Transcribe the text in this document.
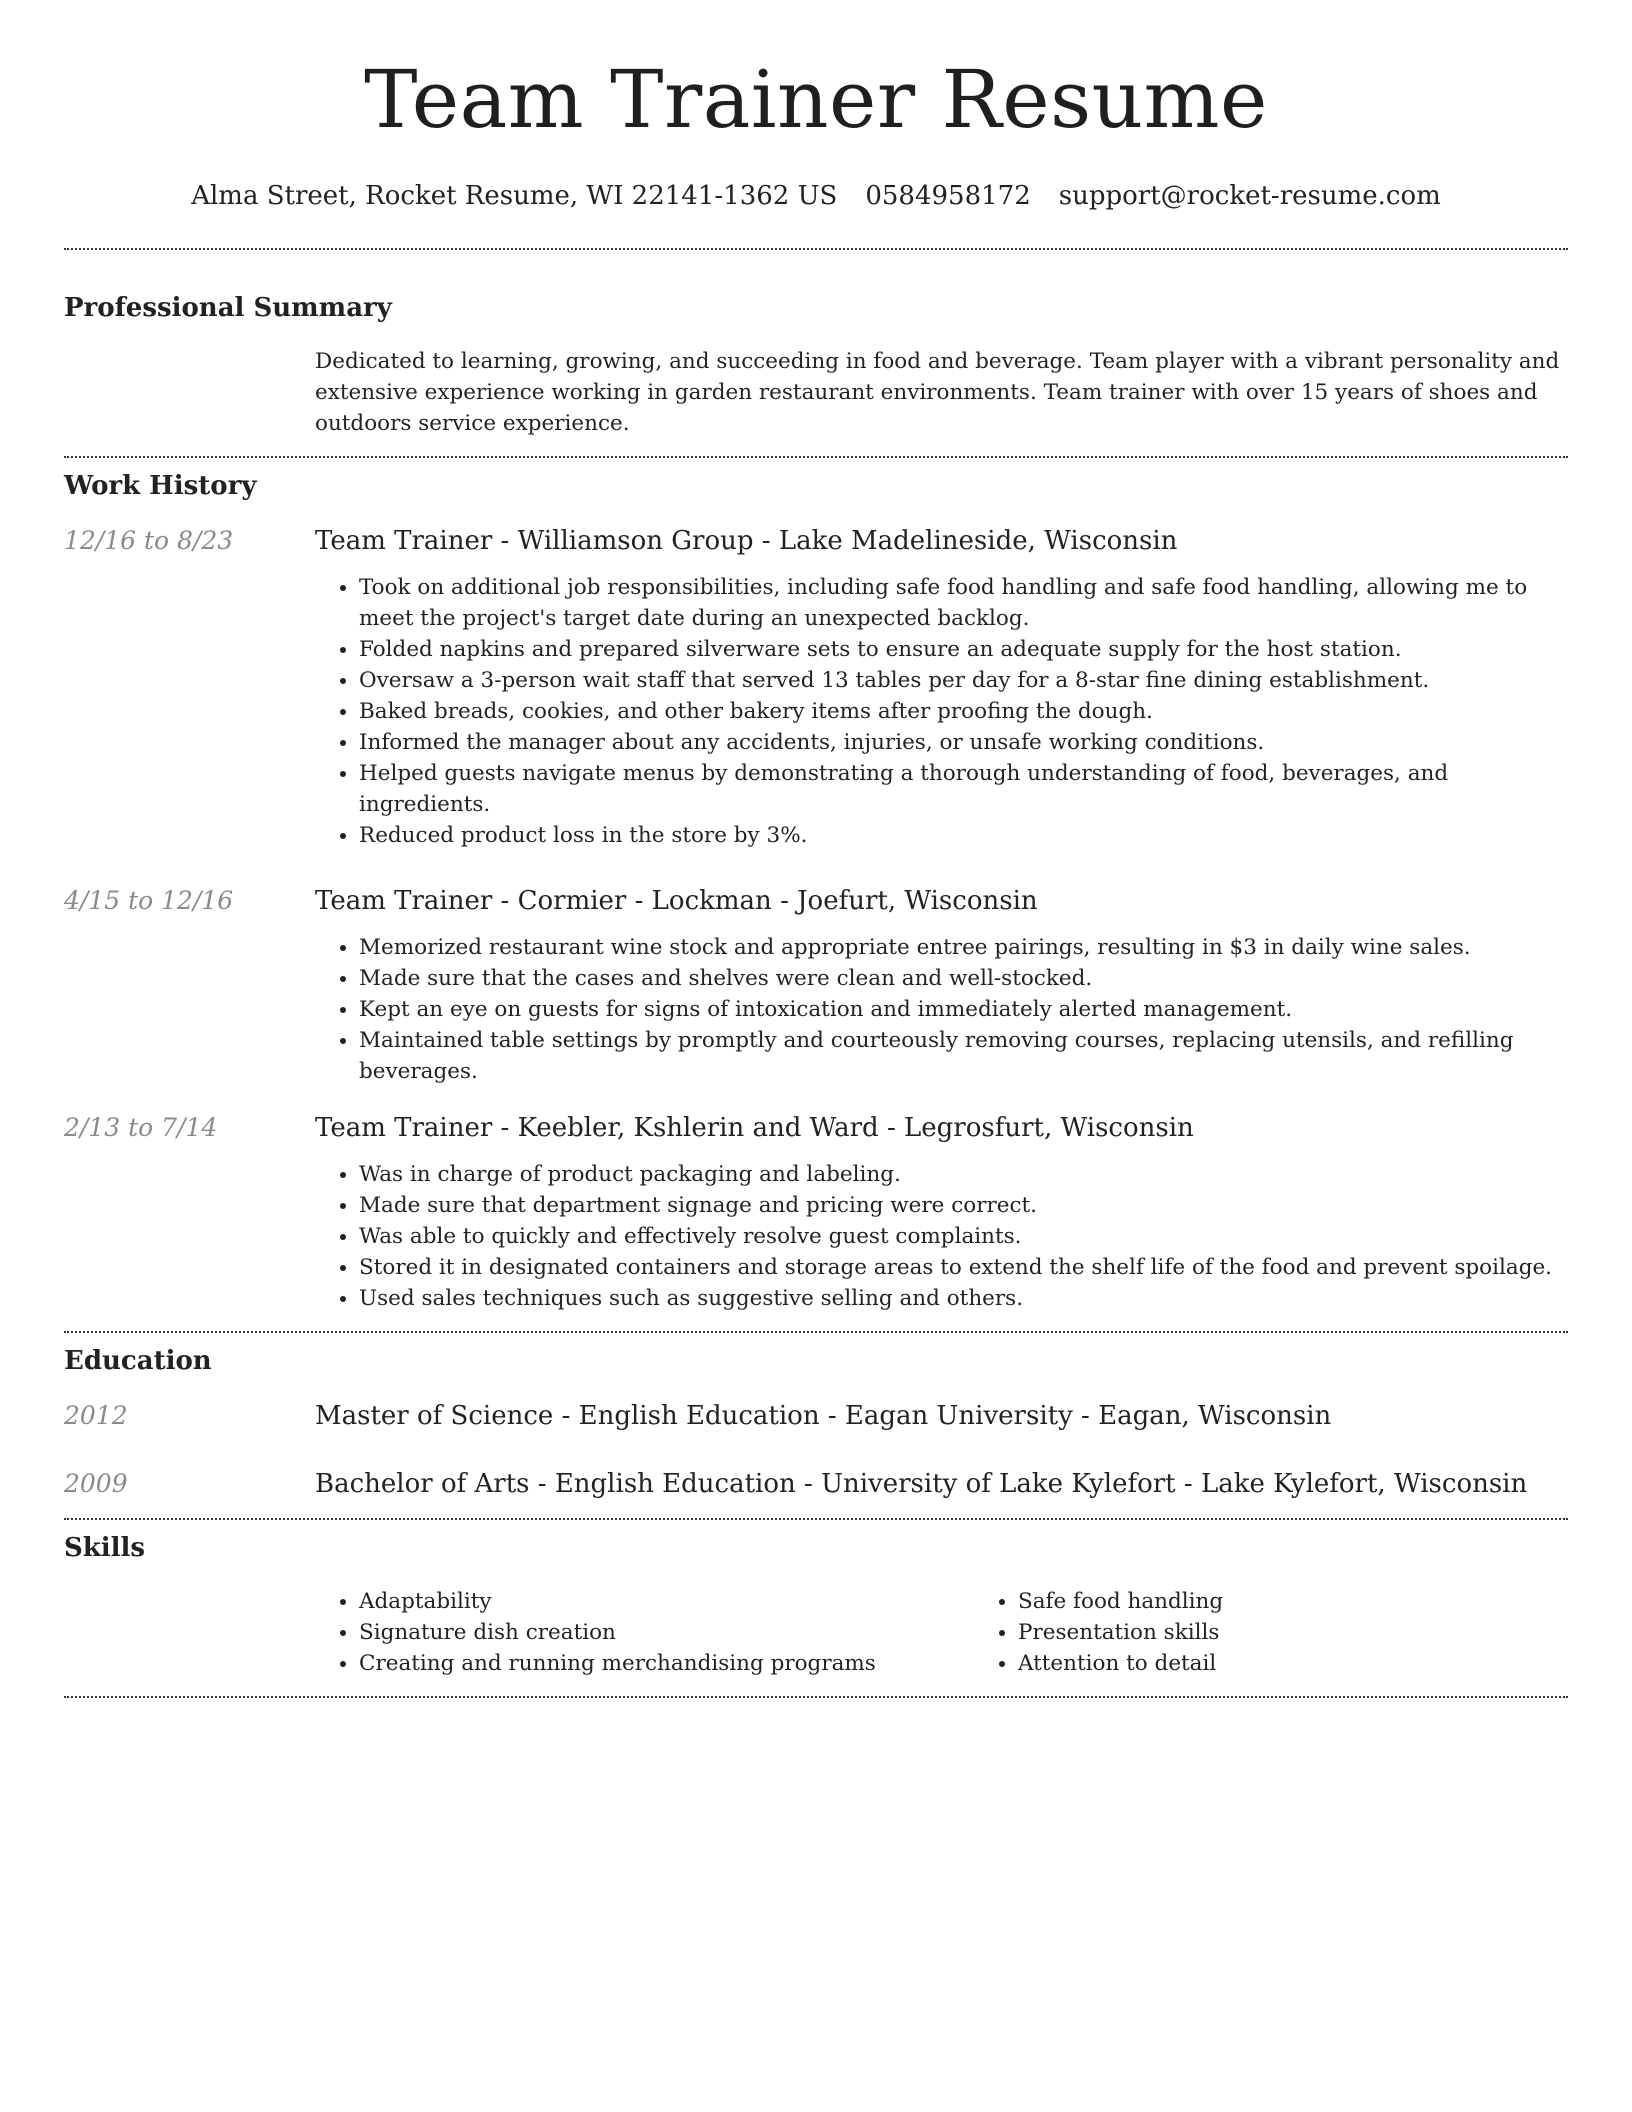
Team Trainer Resume
Alma Street, Rocket Resume, WI 22141-1362 US 0584958172 support@rocket-resume.com
Professional Summary
Dedicated to learning, growing, and succeeding in food and beverage. Team player with a vibrant personality and extensive experience working in garden restaurant environments. Team trainer with over 15 years of shoes and outdoors service experience.
Work History
12/16 to 8/23	Team Trainer - Williamson Group - Lake Madelineside, Wisconsin
• Took on additional job responsibilities, including safe food handling and safe food handling, allowing me to meet the project's target date during an unexpected backlog.
• Folded napkins and prepared silverware sets to ensure an adequate supply for the host station.
• Oversaw a 3-person wait staff that served 13 tables per day for a 8-star fine dining establishment.
• Baked breads, cookies, and other bakery items after proofing the dough.
• Informed the manager about any accidents, injuries, or unsafe working conditions.
• Helped guests navigate menus by demonstrating a thorough understanding of food, beverages, and ingredients.
• Reduced product loss in the store by 3%.
4/15 to 12/16	Team Trainer - Cormier - Lockman - Joefurt, Wisconsin
• Memorized restaurant wine stock and appropriate entree pairings, resulting in $3 in daily wine sales.
• Made sure that the cases and shelves were clean and well-stocked.
• Kept an eye on guests for signs of intoxication and immediately alerted management.
• Maintained table settings by promptly and courteously removing courses, replacing utensils, and refilling beverages.
2/13 to 7/14	Team Trainer - Keebler, Kshlerin and Ward - Legrosfurt, Wisconsin
• Was in charge of product packaging and labeling.
• Made sure that department signage and pricing were correct.
• Was able to quickly and effectively resolve guest complaints.
• Stored it in designated containers and storage areas to extend the shelf life of the food and prevent spoilage.
• Used sales techniques such as suggestive selling and others.
Education
2012	Master of Science - English Education - Eagan University - Eagan, Wisconsin
2009	Bachelor of Arts - English Education - University of Lake Kylefort - Lake Kylefort, Wisconsin
Skills
• Adaptability
• Signature dish creation
• Creating and running merchandising programs
• Safe food handling
• Presentation skills
• Attention to detail
